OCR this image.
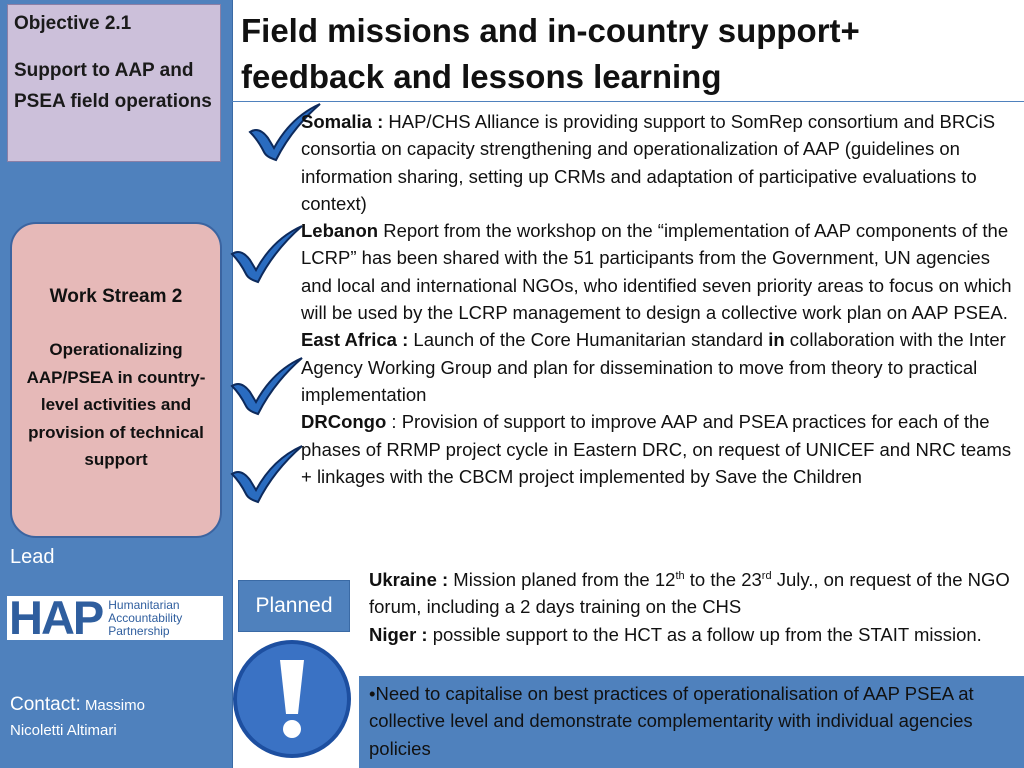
Objective 2.1
Support to AAP and PSEA field operations
Work Stream 2
Operationalizing AAP/PSEA in country-level activities and provision of technical support
Lead
HAP Humanitarian
Accountability
Partnership
Contact: Massimo
Nicoletti Altimari
Field missions and in-country support+
feedback and lessons learning

Somalia : HAP/CHS Alliance is providing support to SomRep consortium and BRCiS consortia on capacity strengthening and operationalization of AAP (guidelines on information sharing, setting up CRMs and adaptation of participative evaluations to context)

Lebanon Report from the workshop on the “implementation of AAP components of the LCRP” has been shared with the 51 participants from the Government, UN agencies and local and international NGOs, who identified seven priority areas to focus on which will be used by the LCRP management to design a collective work plan on AAP PSEA.

East Africa : Launch of the Core Humanitarian standard in collaboration with the Inter Agency Working Group and plan for dissemination to move from theory to practical implementation

DRCongo : Provision of support to improve AAP and PSEA practices for each of the phases of RRMP project cycle in Eastern DRC, on request of UNICEF and NRC teams + linkages with the CBCM project implemented by Save the Children

Planned

Ukraine : Mission planed from the 12th to the 23rd July., on request of the NGO forum, including a 2 days training on the CHS

Niger : possible support to the HCT as a follow up from the STAIT mission.

•Need to capitalise on best practices of operationalisation of AAP PSEA at collective level and demonstrate complementarity with individual agencies policies
